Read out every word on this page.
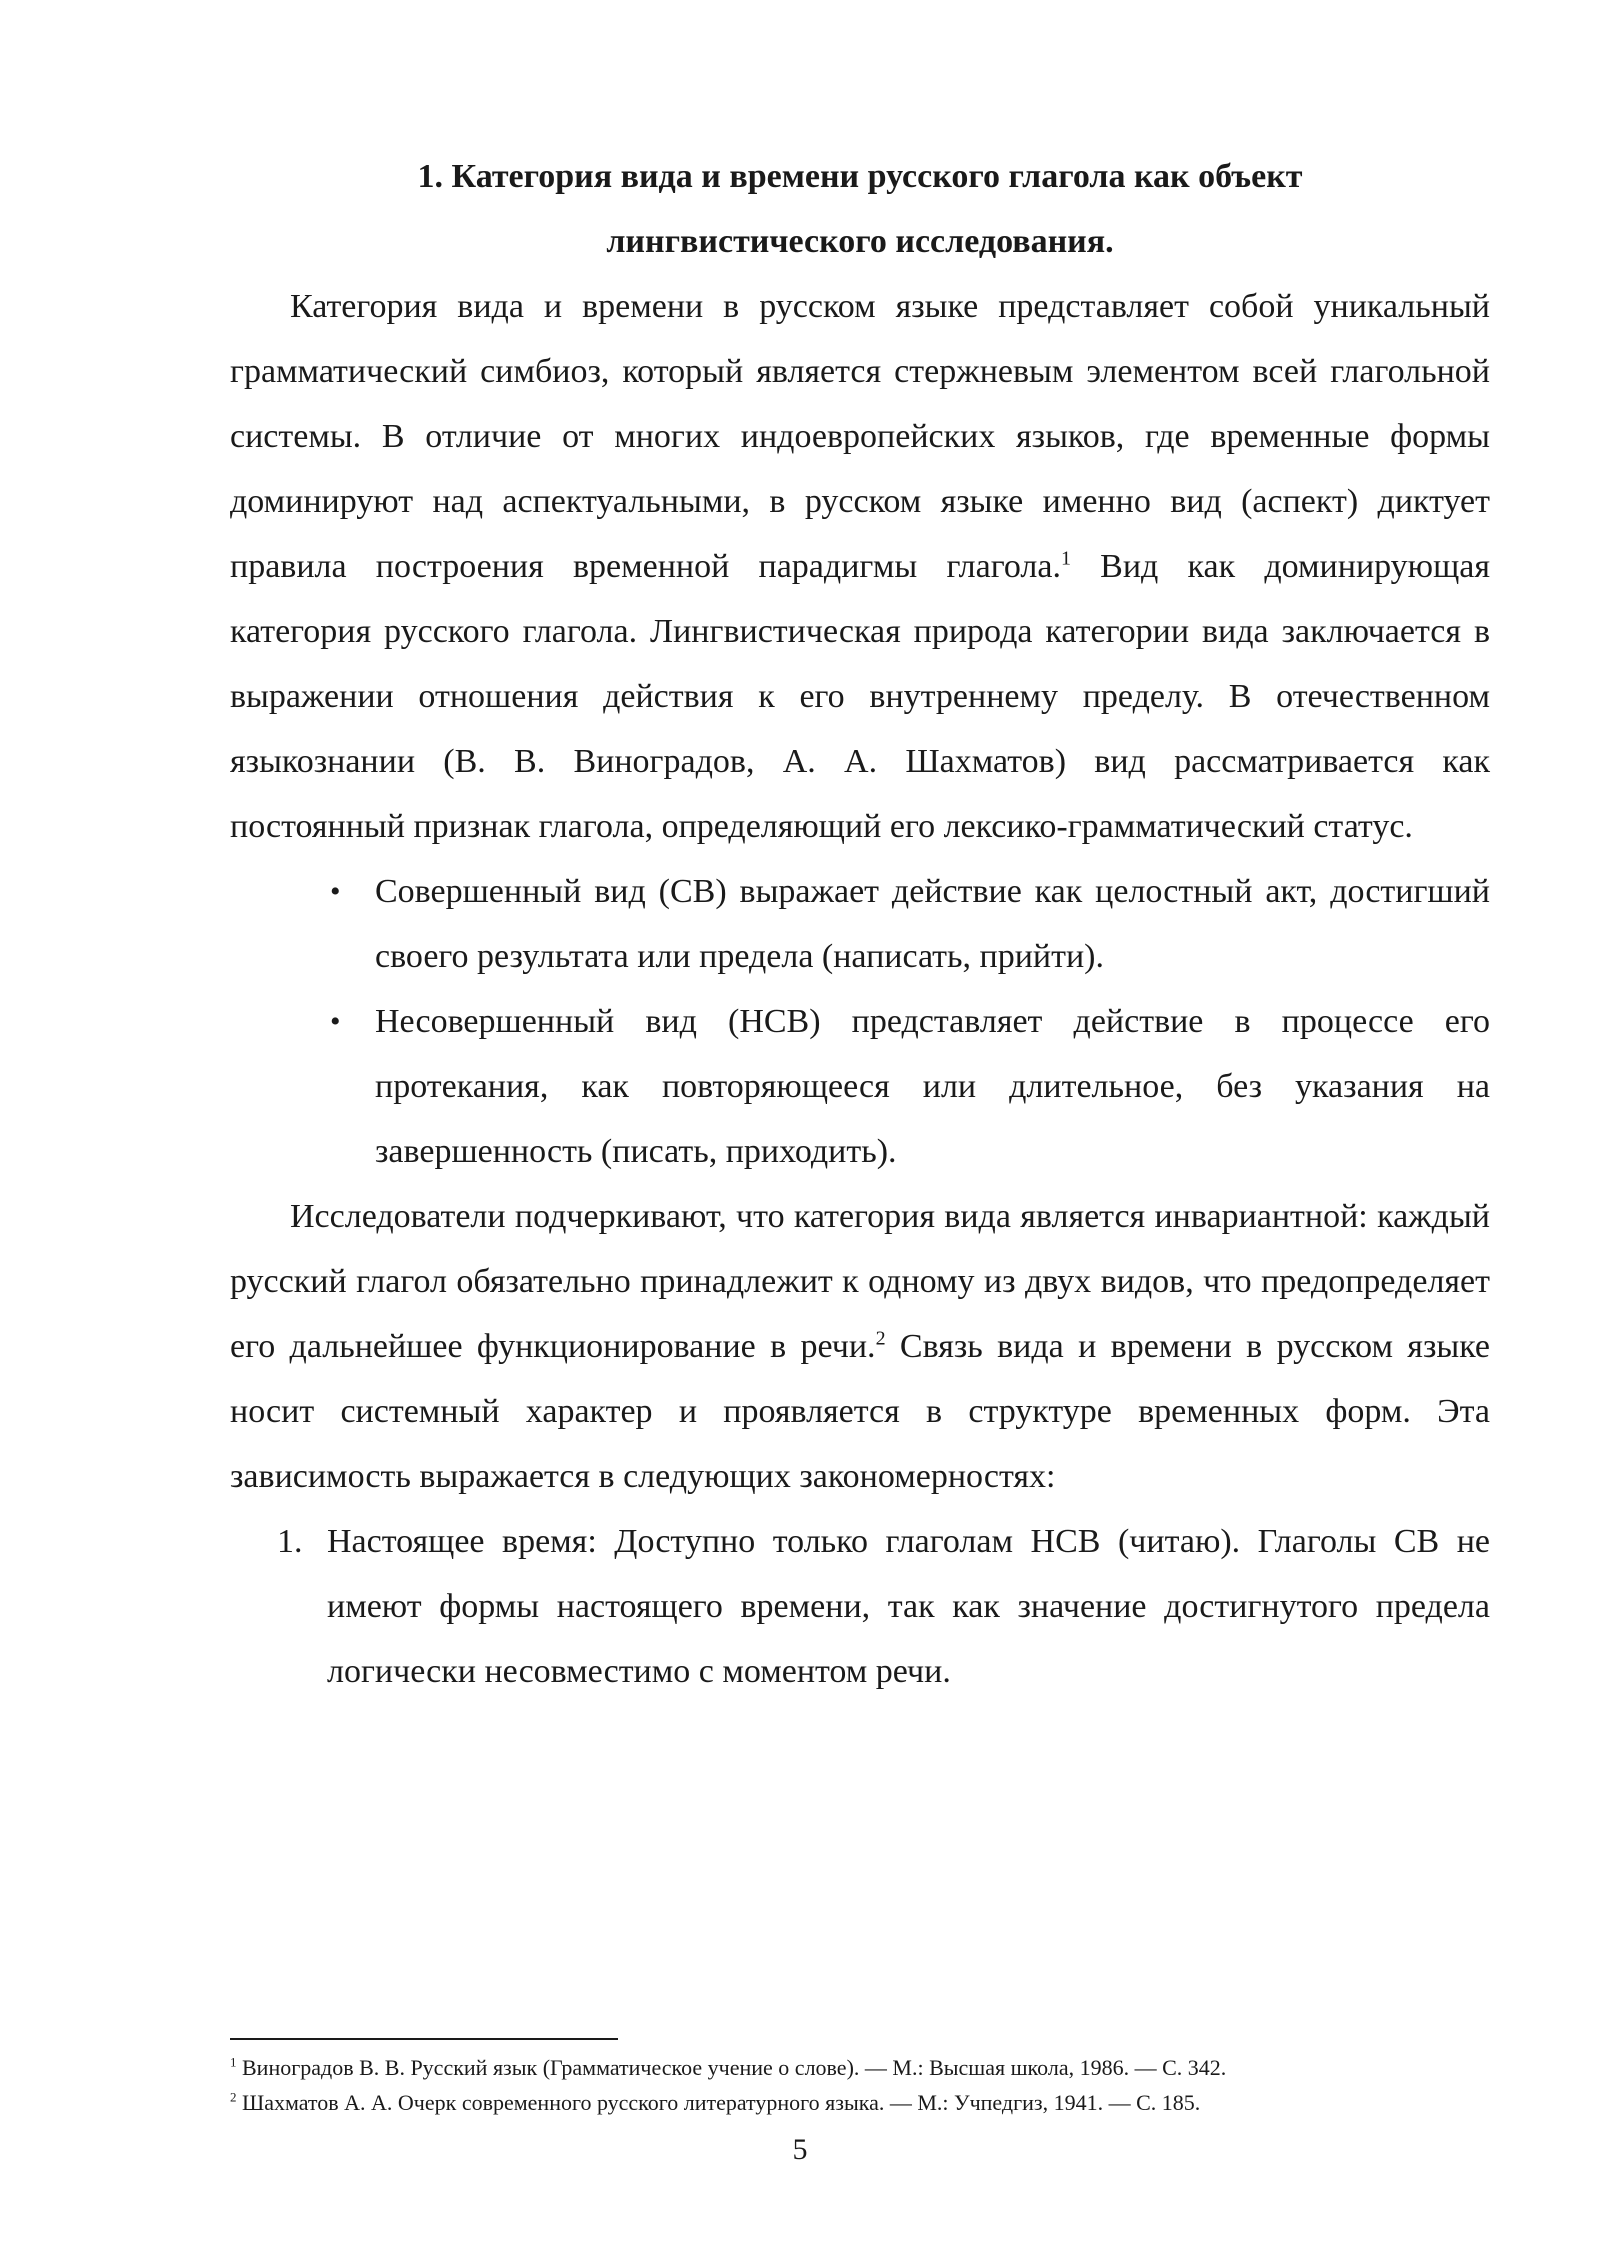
1. Категория вида и времени русского глагола как объект
лингвистического исследования.

Категория вида и времени в русском языке представляет собой уникальный грамматический симбиоз, который является стержневым элементом всей глагольной системы. В отличие от многих индоевропейских языков, где временные формы доминируют над аспектуальными, в русском языке именно вид (аспект) диктует правила построения временной парадигмы глагола.$^1$ Вид как доминирующая категория русского глагола. Лингвистическая природа категории вида заключается в выражении отношения действия к его внутреннему пределу. В отечественном языкознании (В. В. Виноградов, А. А. Шахматов) вид рассматривается как постоянный признак глагола, определяющий его лексико-грамматический статус.

• Совершенный вид (СВ) выражает действие как целостный акт, достигший своего результата или предела (написать, прийти).
• Несовершенный вид (НСВ) представляет действие в процессе его протекания, как повторяющееся или длительное, без указания на завершенность (писать, приходить).

Исследователи подчеркивают, что категория вида является инвариантной: каждый русский глагол обязательно принадлежит к одному из двух видов, что предопределяет его дальнейшее функционирование в речи.$^2$ Связь вида и времени в русском языке носит системный характер и проявляется в структуре временных форм. Эта зависимость выражается в следующих закономерностях:

1. Настоящее время: Доступно только глаголам НСВ (читаю). Глаголы СВ не имеют формы настоящего времени, так как значение достигнутого предела логически несовместимо с моментом речи.

$^1$ Виноградов В. В. Русский язык (Грамматическое учение о слове). — М.: Высшая школа, 1986. — С. 342.

$^2$ Шахматов А. А. Очерк современного русского литературного языка. — М.: Учпедгиз, 1941. — С. 185.

5
